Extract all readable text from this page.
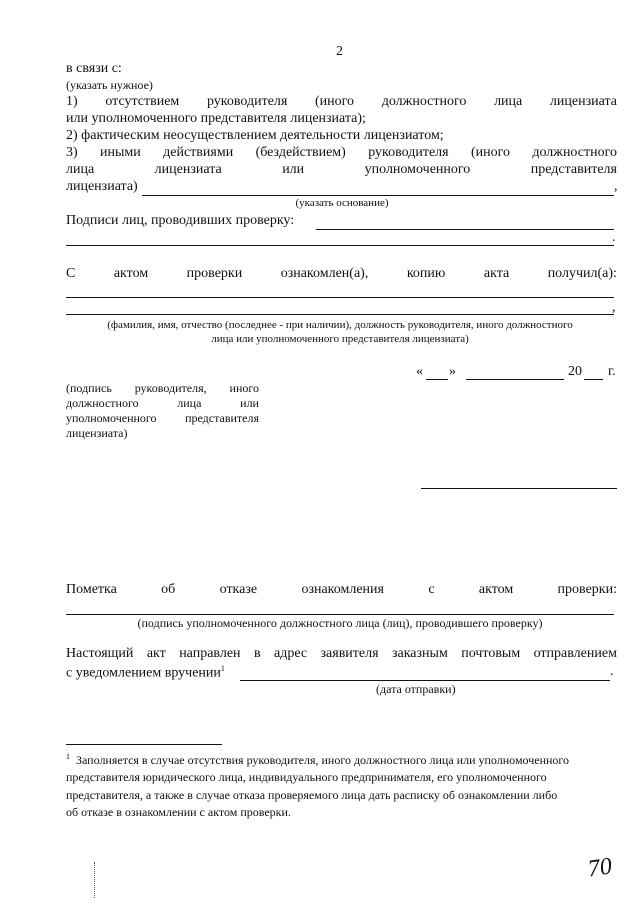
2
в связи с:
(указать нужное)
1) отсутствием руководителя (иного должностного лица лицензиата
или уполномоченного представителя лицензиата);
2) фактическим неосуществлением деятельности лицензиатом;
3) иными действиями (бездействием) руководителя (иного должностного
лица	лицензиата	или	уполномоченного	представителя
лицензиата)	,
(указать основание)
Подписи лиц, проводивших проверку:
.
С	актом	проверки	ознакомлен(а),	копию	акта	получил(а):
,
(фамилия, имя, отчество (последнее - при наличии), должность руководителя, иного должностного
лица или уполномоченного представителя лицензиата)
« »	20 г.
(подпись руководителя, иного
должностного	лица	или
уполномоченного представителя
лицензиата)
Пометка	об	отказе	ознакомления	с	актом	проверки:
(подпись уполномоченного должностного лица (лиц), проводившего проверку)
Настоящий акт направлен в адрес заявителя заказным почтовым отправлением
с уведомлением вручении$^1$	.
(дата отправки)
$^1$ Заполняется в случае отсутствия руководителя, иного должностного лица или уполномоченного
представителя юридического лица, индивидуального предпринимателя, его уполномоченного
представителя, а также в случае отказа проверяемого лица дать расписку об ознакомлении либо
об отказе в ознакомлении с актом проверки.
70
